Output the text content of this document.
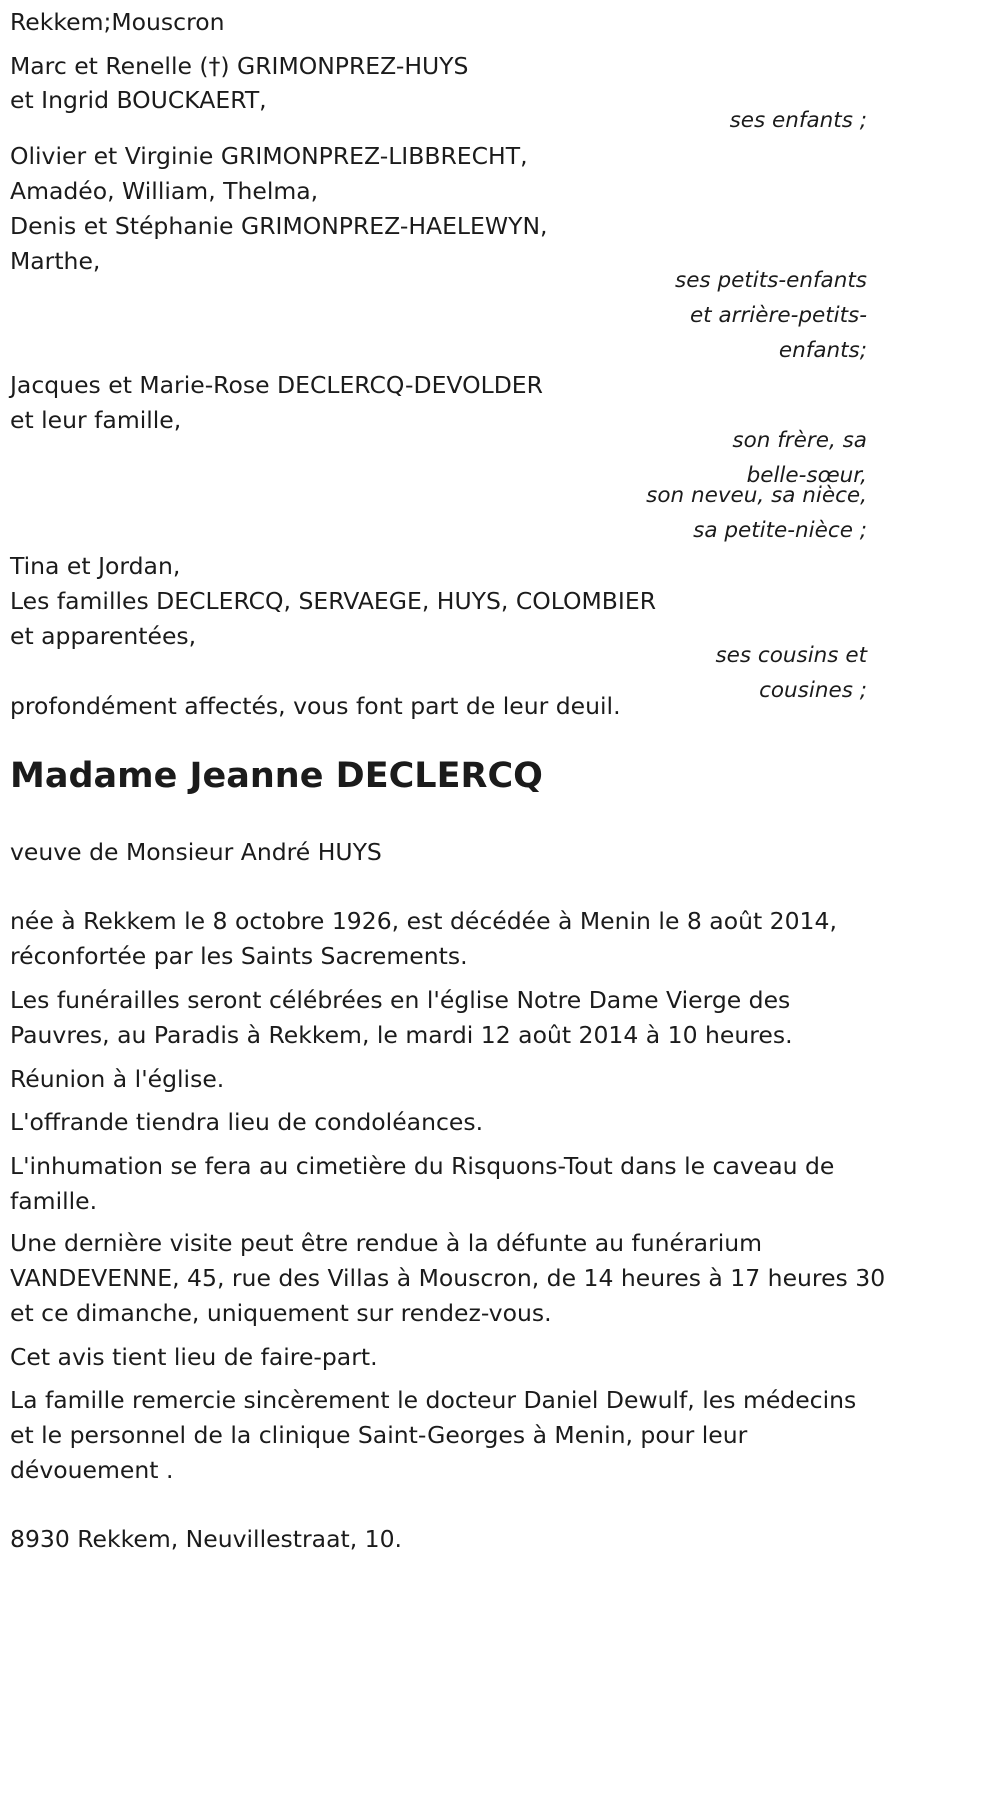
Rekkem;Mouscron

Marc et Renelle (†) GRIMONPREZ-HUYS

et Ingrid BOUCKAERT,

ses enfants ;

Olivier et Virginie GRIMONPREZ-LIBBRECHT,

Amadéo, William, Thelma,

Denis et Stéphanie GRIMONPREZ-HAELEWYN,

Marthe,

ses petits-enfants

et arrière-petits-

enfants;

Jacques et Marie-Rose DECLERCQ-DEVOLDER

et leur famille,

son frère, sa

belle-sœur,

son neveu, sa nièce,

sa petite-nièce ;

Tina et Jordan,

Les familles DECLERCQ, SERVAEGE, HUYS, COLOMBIER

et apparentées,

ses cousins et

cousines ;

profondément affectés, vous font part de leur deuil.

Madame Jeanne DECLERCQ

veuve de Monsieur André HUYS

née à Rekkem le 8 octobre 1926, est décédée à Menin le 8 août 2014,

réconfortée par les Saints Sacrements.

Les funérailles seront célébrées en l'église Notre Dame Vierge des

Pauvres, au Paradis à Rekkem, le mardi 12 août 2014 à 10 heures.

Réunion à l'église.

L'offrande tiendra lieu de condoléances.

L'inhumation se fera au cimetière du Risquons-Tout dans le caveau de

famille.

Une dernière visite peut être rendue à la défunte au funérarium

VANDEVENNE, 45, rue des Villas à Mouscron, de 14 heures à 17 heures 30

et ce dimanche, uniquement sur rendez-vous.

Cet avis tient lieu de faire-part.

La famille remercie sincèrement le docteur Daniel Dewulf, les médecins

et le personnel de la clinique Saint-Georges à Menin, pour leur

dévouement .

8930 Rekkem, Neuvillestraat, 10.
